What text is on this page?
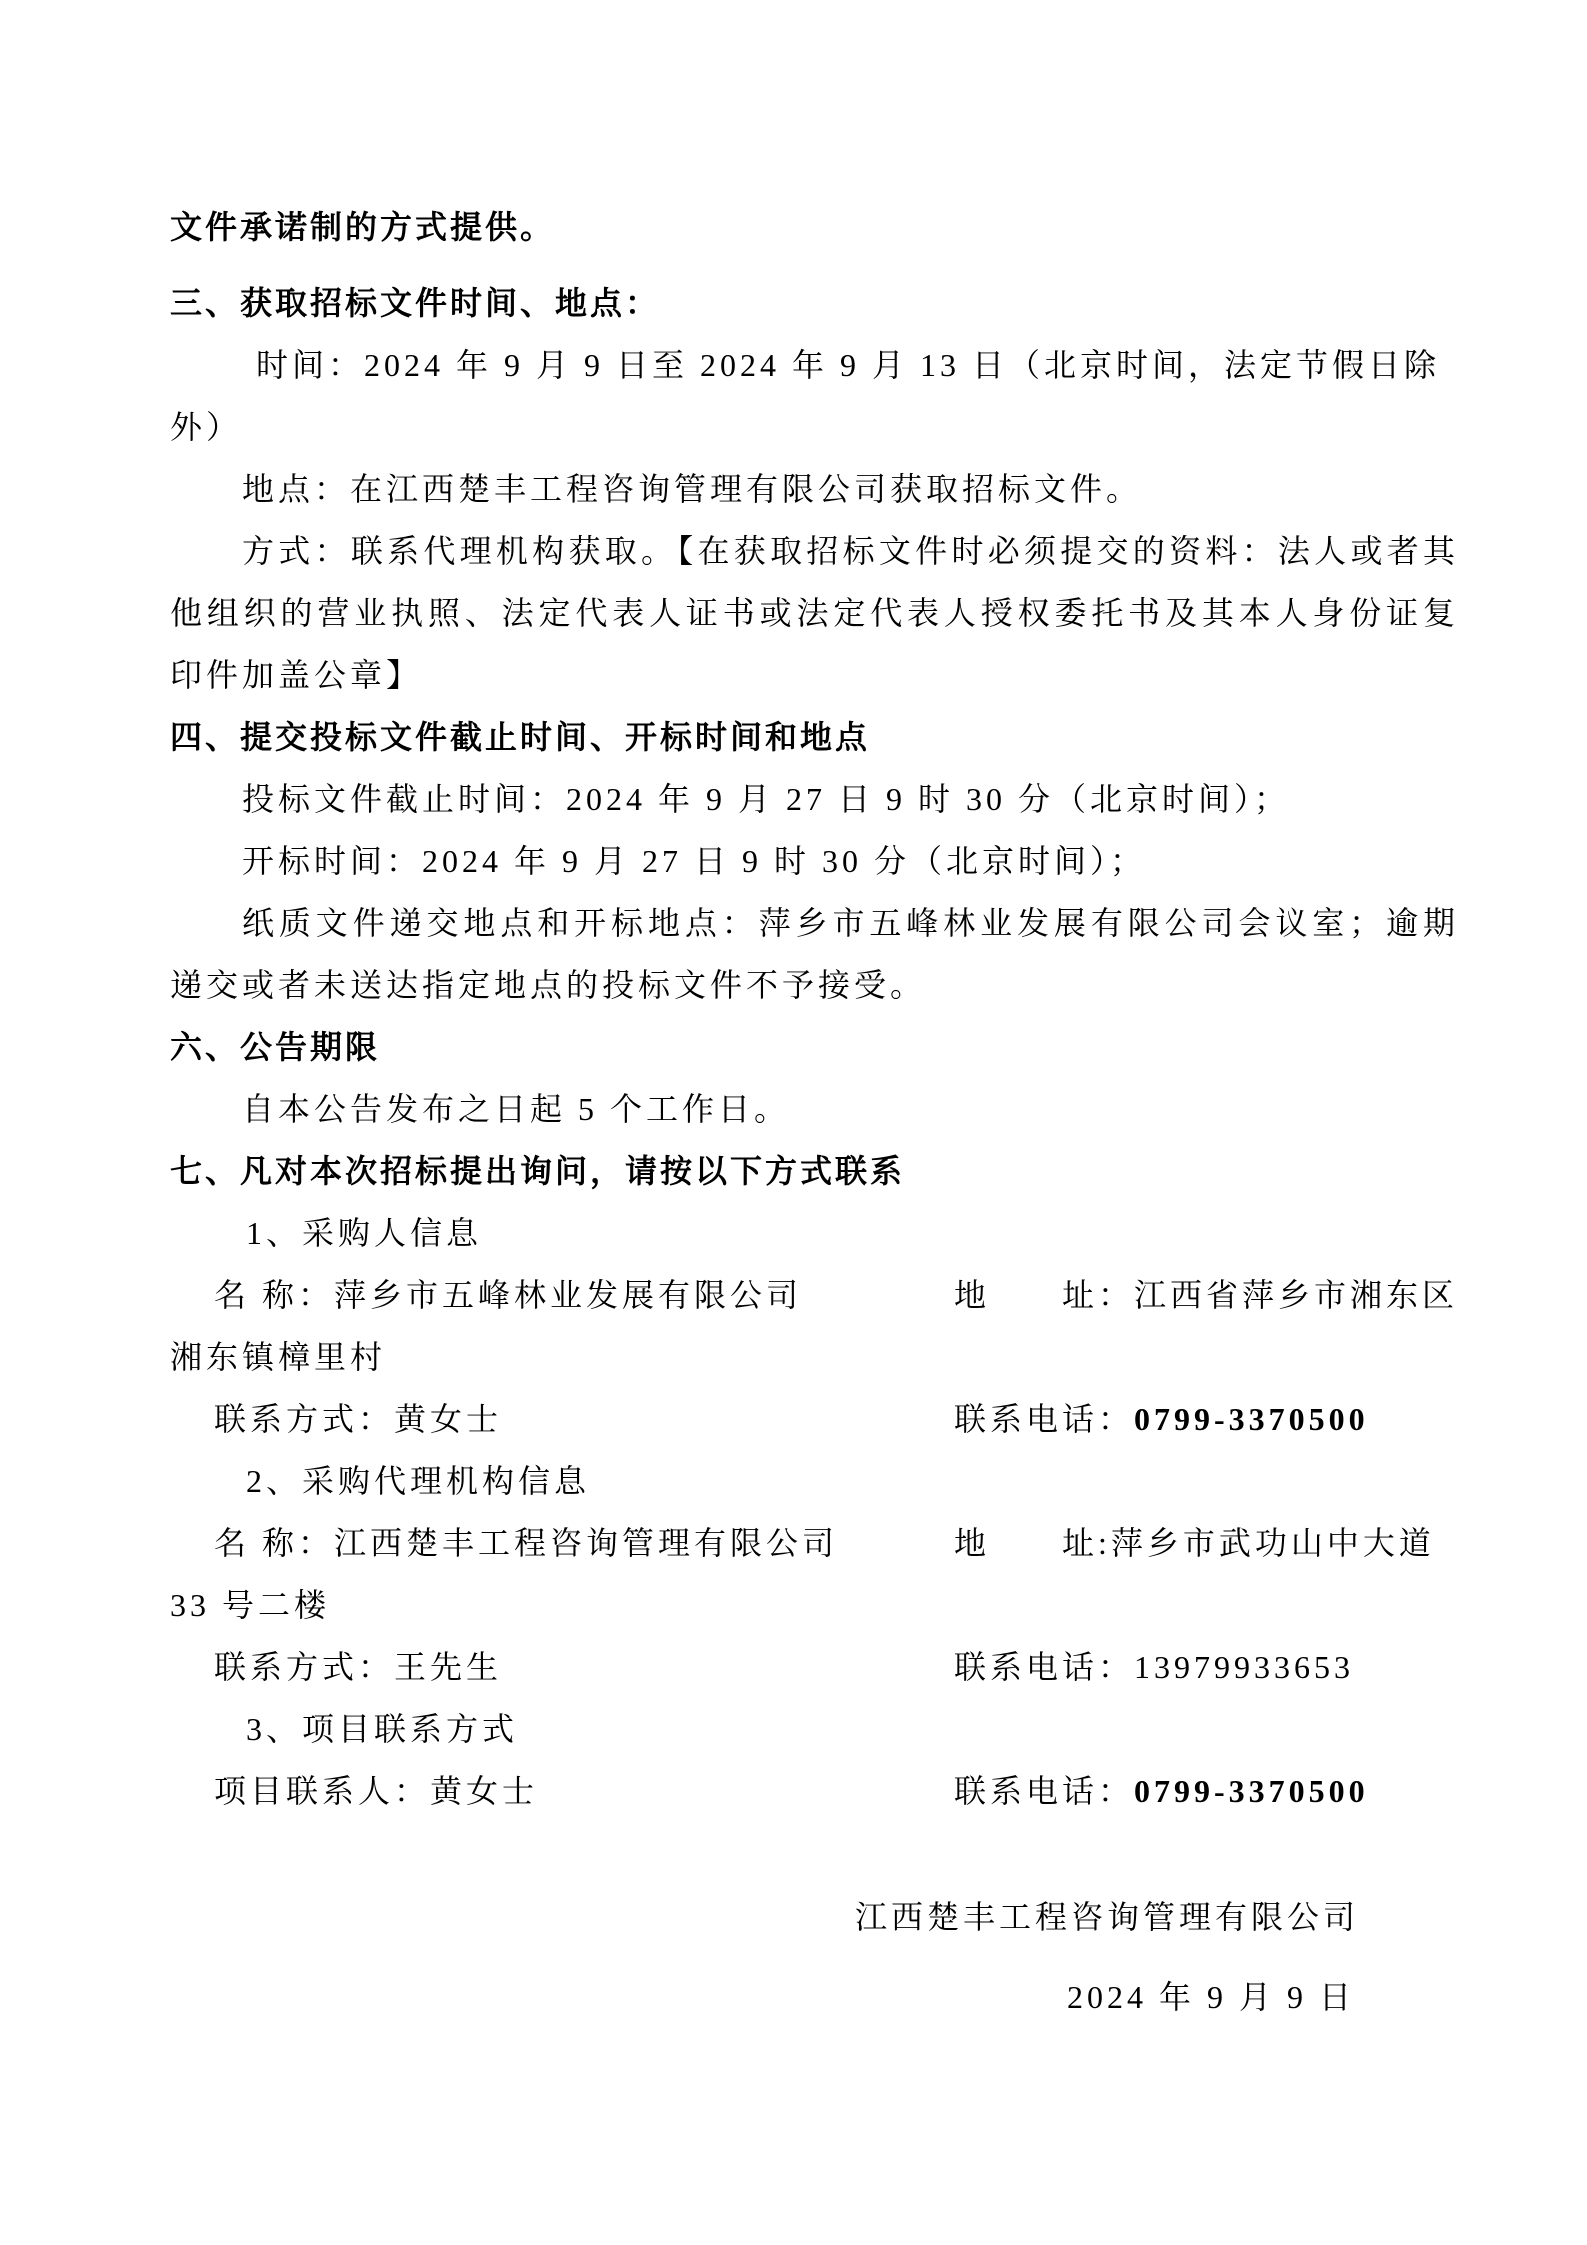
文件承诺制的方式提供。

三、获取招标文件时间、地点：

时间：2024 年 9 月 9 日至 2024 年 9 月 13 日（北京时间，法定节假日除外）

地点：在江西楚丰工程咨询管理有限公司获取招标文件。

方式：联系代理机构获取。【在获取招标文件时必须提交的资料：法人或者其他组织的营业执照、法定代表人证书或法定代表人授权委托书及其本人身份证复印件加盖公章】

四、提交投标文件截止时间、开标时间和地点

投标文件截止时间：2024 年 9 月 27 日 9 时 30 分（北京时间）；

开标时间：2024 年 9 月 27 日 9 时 30 分（北京时间）；

纸质文件递交地点和开标地点：萍乡市五峰林业发展有限公司会议室；逾期递交或者未送达指定地点的投标文件不予接受。

六、公告期限

自本公告发布之日起 5 个工作日。

七、凡对本次招标提出询问，请按以下方式联系

1、采购人信息

名 称：萍乡市五峰林业发展有限公司	地　　址：江西省萍乡市湘东区

湘东镇樟里村

联系方式：黄女士	联系电话：0799-3370500

2、采购代理机构信息

名 称：江西楚丰工程咨询管理有限公司	地　　址:萍乡市武功山中大道

33 号二楼

联系方式：王先生	联系电话：13979933653

3、项目联系方式

项目联系人：黄女士	联系电话：0799-3370500

江西楚丰工程咨询管理有限公司

2024 年 9 月 9 日
